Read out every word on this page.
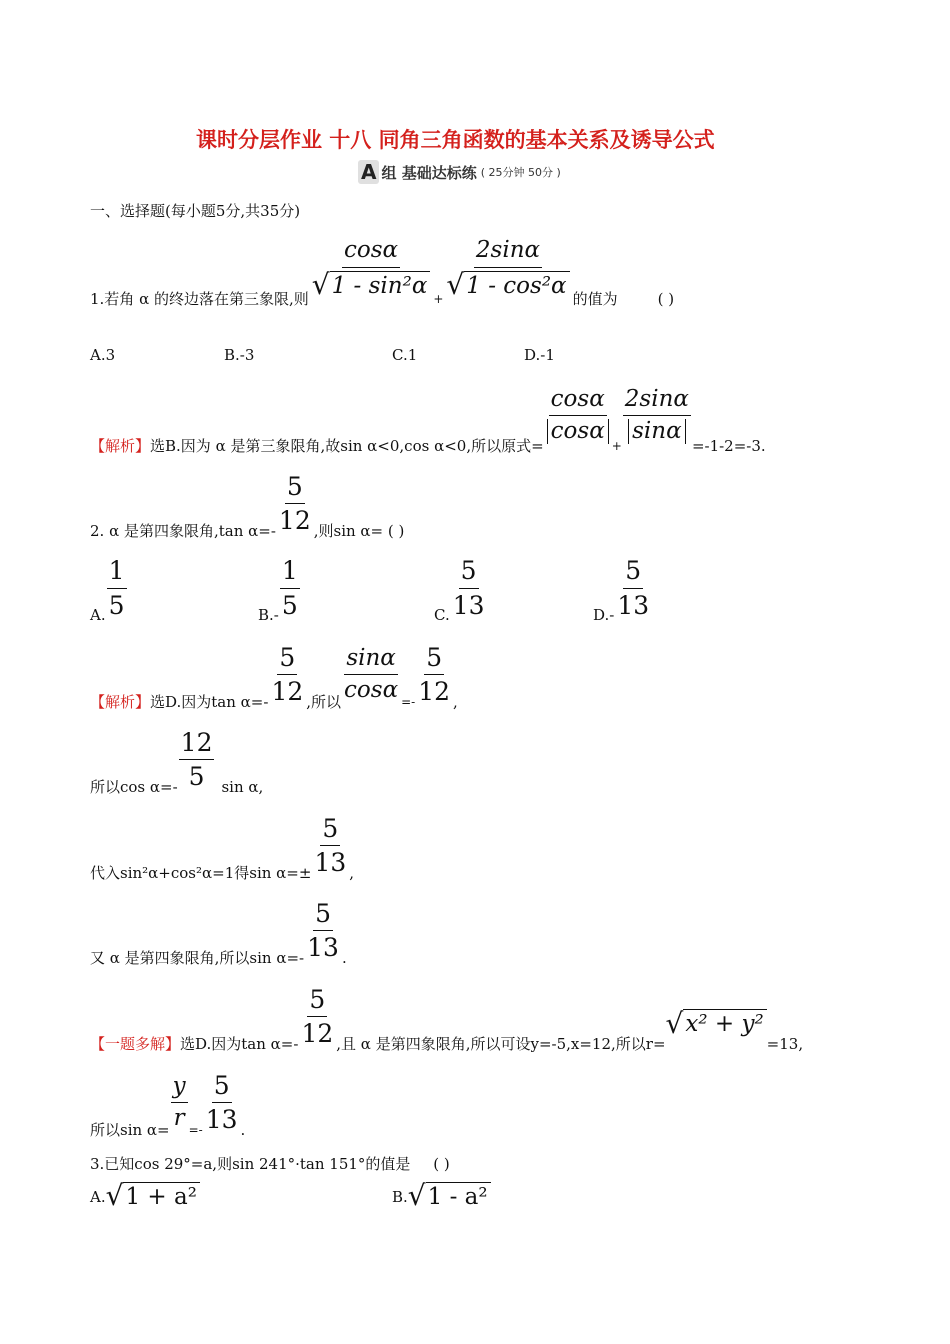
课时分层作业 十八 同角三角函数的基本关系及诱导公式
A 组 基础达标练 ( 25分钟 50分 )
一、选择题(每小题5分,共35分)
1.若角 α 的终边落在第三象限,则
$\frac{\cos\alpha}{\text{√ 1 - sin²α}} + \frac{2\sin\alpha}{\text{√ 1 - cos²α}}$
的值为	( )
A.3	B.-3	C.1	D.-1
【解析】 选B.因为 α 是第三象限角,故sin α<0,cos α<0,所以原式=
$\frac{\cos\alpha}{\cos\alpha}$
+
$\frac{2\sin\alpha}{\sin\alpha}$
=-1-2=-3.
2. α 是第四象限角,tan $\alpha=- \frac{5}{12}$ ,则sin α= ( )
A. $\frac{1}{5}$	$B.- \frac{1}{5}$	C. $\frac{5}{13}$	$D.- \frac{5}{13}$
【解析】 选D.因为$\tan \alpha=- \frac{5}{12}$ ,所以 $\frac{\sin\alpha}{\cos\alpha} =- \frac{5}{12}$ ,
所以$\cos \alpha=- \frac{12}{5}$ sin α,
代入sin²α+cos²α=1得$\sin \alpha=\pm \frac{5}{13}$ ,
又 α 是第四象限角,所以$\sin \alpha=- \frac{5}{13}$ .
【一题多解】 选D.因为$\tan \alpha=- \frac{5}{12}$ ,且 α 是第四象限角,所以可设y=-5,x=12,所以r=
√ x² + y²
=13,
所以$\sin \alpha= \frac{y}{r} =- \frac{5}{13}$ .
3.已知cos 29°=a,则sin 241°·tan 151°的值是 ( )
A. √ 1 + a²	B. √ 1 - a²
